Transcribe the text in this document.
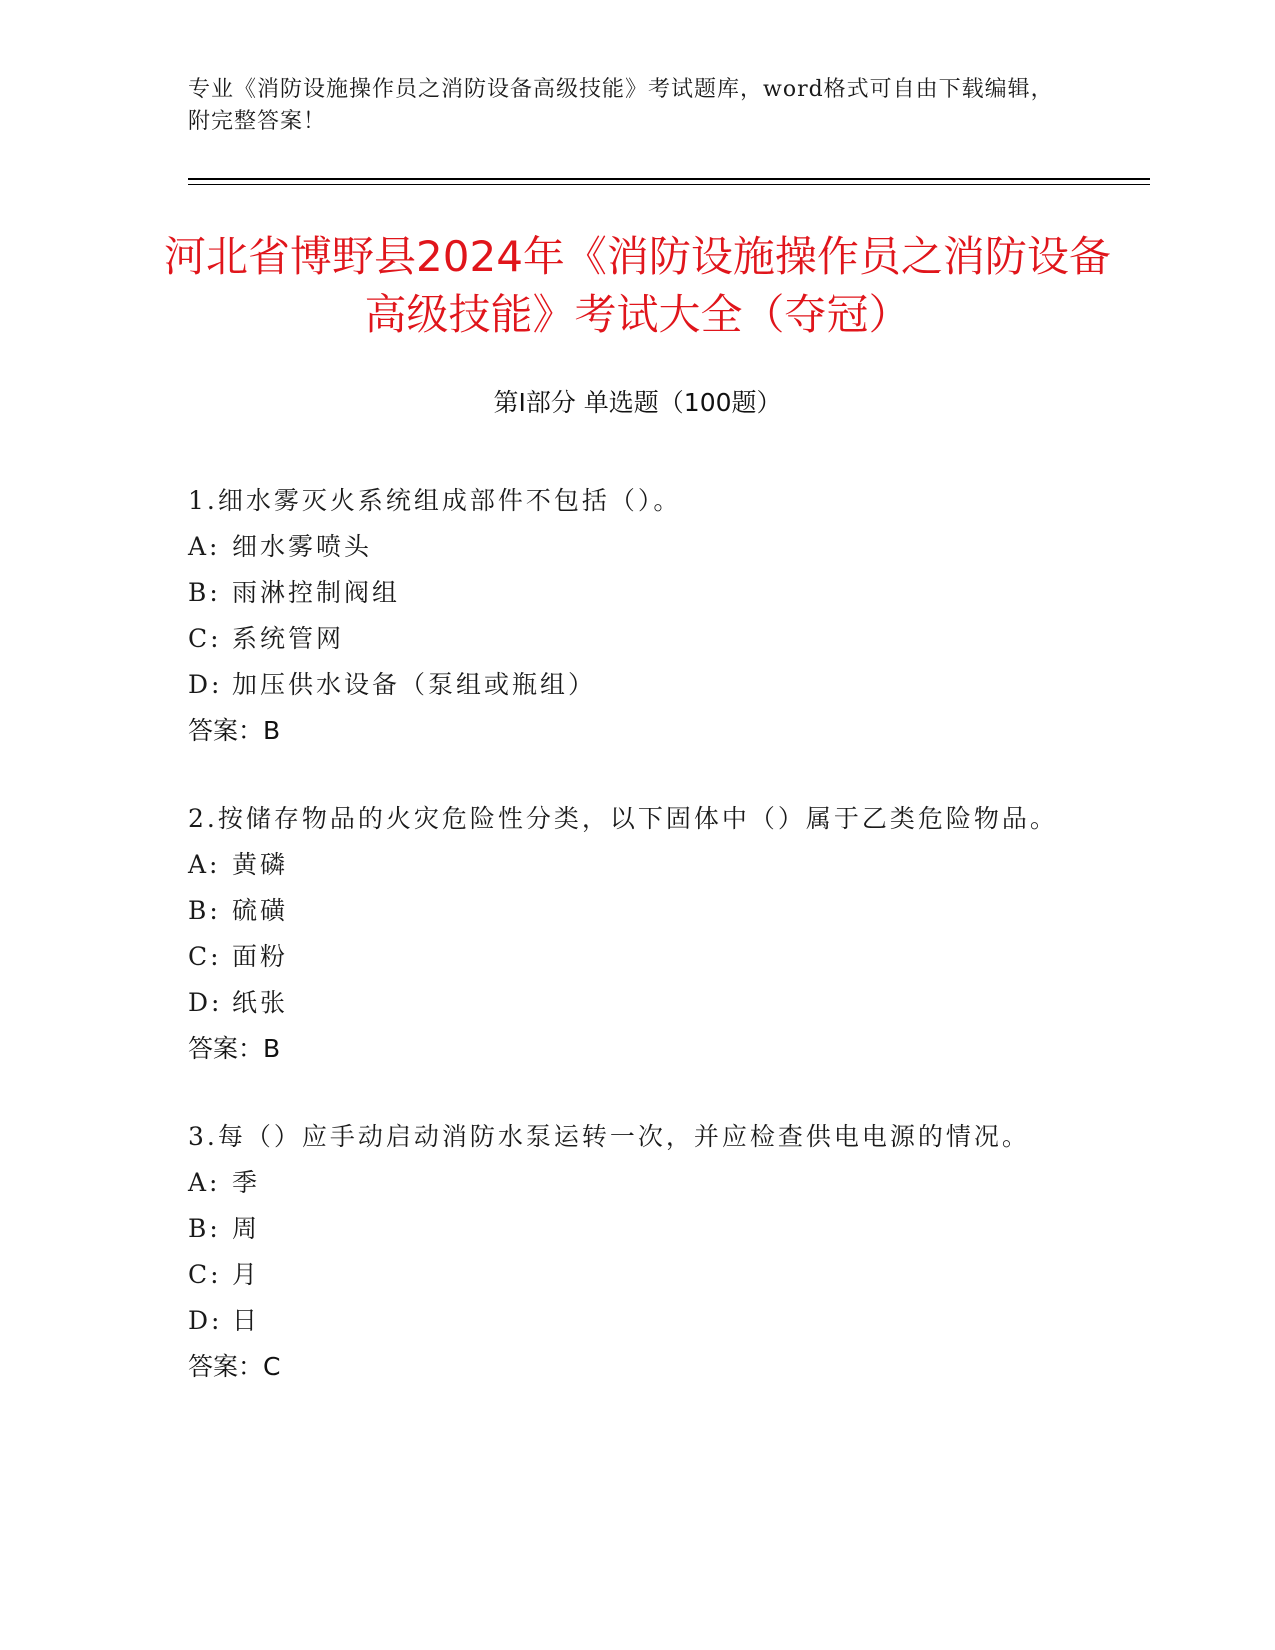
专业《消防设施操作员之消防设备高级技能》考试题库，word格式可自由下载编辑，附完整答案！
河北省博野县2024年《消防设施操作员之消防设备高级技能》考试大全（夺冠）
第Ⅰ部分 单选题（100题）
1.细水雾灭火系统组成部件不包括（）。
A: 细水雾喷头
B: 雨淋控制阀组
C: 系统管网
D: 加压供水设备（泵组或瓶组）
答案：B
2.按储存物品的火灾危险性分类，以下固体中（）属于乙类危险物品。
A: 黄磷
B: 硫磺
C: 面粉
D: 纸张
答案：B
3.每（）应手动启动消防水泵运转一次，并应检查供电电源的情况。
A: 季
B: 周
C: 月
D: 日
答案：C
